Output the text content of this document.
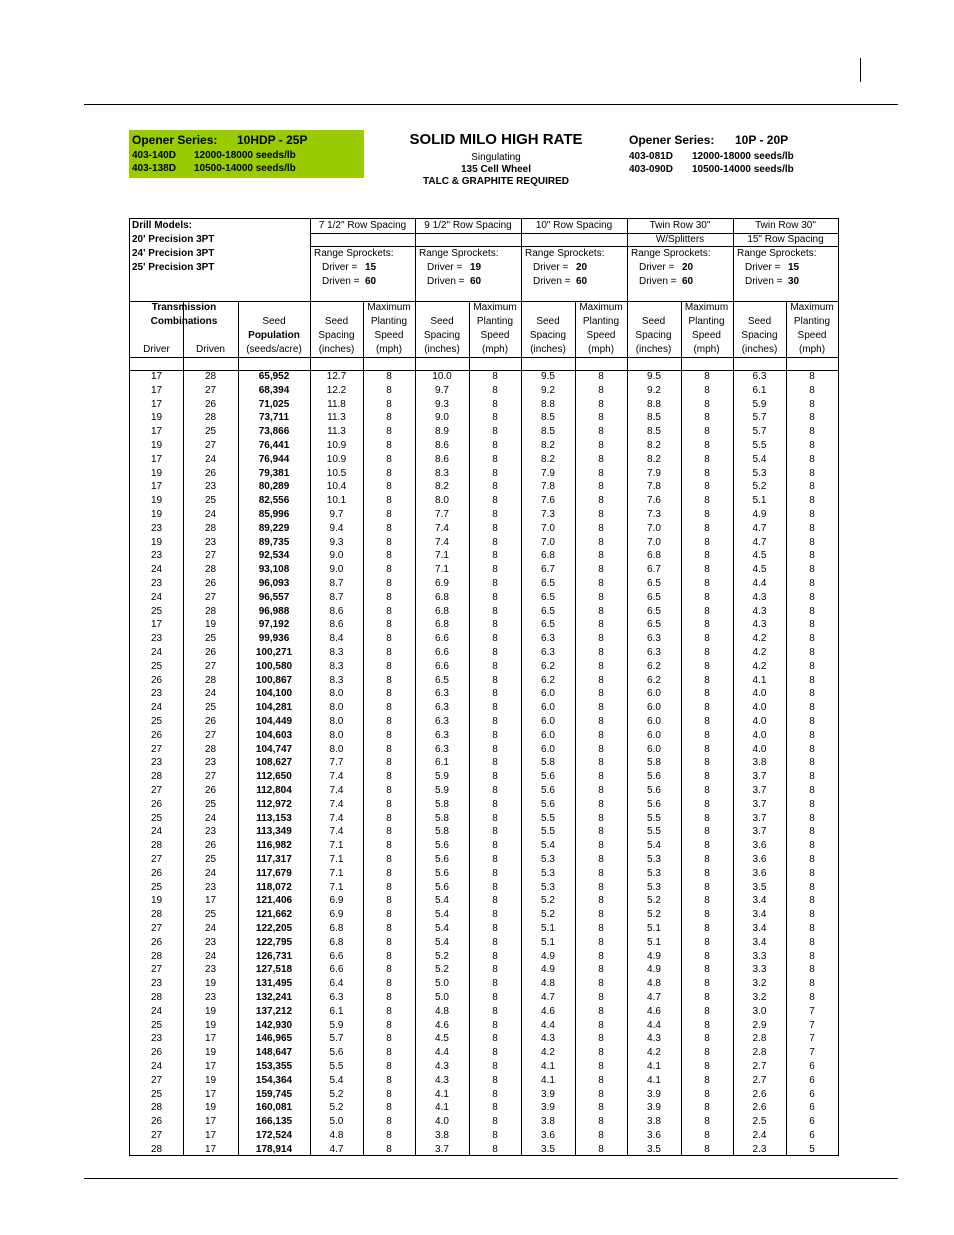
Opener Series: 10HDP - 25P
403-140D 12000-18000 seeds/lb
403-138D 10500-14000 seeds/lb
SOLID MILO HIGH RATE
Singulating
135 Cell Wheel
TALC & GRAPHITE REQUIRED
Opener Series: 10P - 20P
403-081D 12000-18000 seeds/lb
403-090D 10500-14000 seeds/lb
Drill Models:
20' Precision 3PT
24' Precision 3PT
25' Precision 3PT
7 1/2" Row Spacing
Range Sprockets:
Driver = 15
Driven = 60
9 1/2" Row Spacing
Range Sprockets:
Driver = 19
Driven = 60
10" Row Spacing
Range Sprockets:
Driver = 20
Driven = 60
Twin Row 30"
W/Splitters
Range Sprockets:
Driver = 20
Driven = 60
Twin Row 30"
15" Row Spacing
Range Sprockets:
Driver = 15
Driven = 30
Transmission
Combinations
Driver	Driven
Seed
Population
(seeds/acre)
Seed
Spacing
(inches)
Maximum
Planting
Speed
(mph)
Seed
Spacing
(inches)
Maximum
Planting
Speed
(mph)
Seed
Spacing
(inches)
Maximum
Planting
Speed
(mph)
Seed
Spacing
(inches)
Maximum
Planting
Speed
(mph)
Seed
Spacing
(inches)
Maximum
Planting
Speed
(mph)
17	28	65,952	12.7	8	10.0	8	9.5	8	9.5	8	6.3	8
17	27	68,394	12.2	8	9.7	8	9.2	8	9.2	8	6.1	8
17	26	71,025	11.8	8	9.3	8	8.8	8	8.8	8	5.9	8
19	28	73,711	11.3	8	9.0	8	8.5	8	8.5	8	5.7	8
17	25	73,866	11.3	8	8.9	8	8.5	8	8.5	8	5.7	8
19	27	76,441	10.9	8	8.6	8	8.2	8	8.2	8	5.5	8
17	24	76,944	10.9	8	8.6	8	8.2	8	8.2	8	5.4	8
19	26	79,381	10.5	8	8.3	8	7.9	8	7.9	8	5.3	8
17	23	80,289	10.4	8	8.2	8	7.8	8	7.8	8	5.2	8
19	25	82,556	10.1	8	8.0	8	7.6	8	7.6	8	5.1	8
19	24	85,996	9.7	8	7.7	8	7.3	8	7.3	8	4.9	8
23	28	89,229	9.4	8	7.4	8	7.0	8	7.0	8	4.7	8
19	23	89,735	9.3	8	7.4	8	7.0	8	7.0	8	4.7	8
23	27	92,534	9.0	8	7.1	8	6.8	8	6.8	8	4.5	8
24	28	93,108	9.0	8	7.1	8	6.7	8	6.7	8	4.5	8
23	26	96,093	8.7	8	6.9	8	6.5	8	6.5	8	4.4	8
24	27	96,557	8.7	8	6.8	8	6.5	8	6.5	8	4.3	8
25	28	96,988	8.6	8	6.8	8	6.5	8	6.5	8	4.3	8
17	19	97,192	8.6	8	6.8	8	6.5	8	6.5	8	4.3	8
23	25	99,936	8.4	8	6.6	8	6.3	8	6.3	8	4.2	8
24	26	100,271	8.3	8	6.6	8	6.3	8	6.3	8	4.2	8
25	27	100,580	8.3	8	6.6	8	6.2	8	6.2	8	4.2	8
26	28	100,867	8.3	8	6.5	8	6.2	8	6.2	8	4.1	8
23	24	104,100	8.0	8	6.3	8	6.0	8	6.0	8	4.0	8
24	25	104,281	8.0	8	6.3	8	6.0	8	6.0	8	4.0	8
25	26	104,449	8.0	8	6.3	8	6.0	8	6.0	8	4.0	8
26	27	104,603	8.0	8	6.3	8	6.0	8	6.0	8	4.0	8
27	28	104,747	8.0	8	6.3	8	6.0	8	6.0	8	4.0	8
23	23	108,627	7.7	8	6.1	8	5.8	8	5.8	8	3.8	8
28	27	112,650	7.4	8	5.9	8	5.6	8	5.6	8	3.7	8
27	26	112,804	7.4	8	5.9	8	5.6	8	5.6	8	3.7	8
26	25	112,972	7.4	8	5.8	8	5.6	8	5.6	8	3.7	8
25	24	113,153	7.4	8	5.8	8	5.5	8	5.5	8	3.7	8
24	23	113,349	7.4	8	5.8	8	5.5	8	5.5	8	3.7	8
28	26	116,982	7.1	8	5.6	8	5.4	8	5.4	8	3.6	8
27	25	117,317	7.1	8	5.6	8	5.3	8	5.3	8	3.6	8
26	24	117,679	7.1	8	5.6	8	5.3	8	5.3	8	3.6	8
25	23	118,072	7.1	8	5.6	8	5.3	8	5.3	8	3.5	8
19	17	121,406	6.9	8	5.4	8	5.2	8	5.2	8	3.4	8
28	25	121,662	6.9	8	5.4	8	5.2	8	5.2	8	3.4	8
27	24	122,205	6.8	8	5.4	8	5.1	8	5.1	8	3.4	8
26	23	122,795	6.8	8	5.4	8	5.1	8	5.1	8	3.4	8
28	24	126,731	6.6	8	5.2	8	4.9	8	4.9	8	3.3	8
27	23	127,518	6.6	8	5.2	8	4.9	8	4.9	8	3.3	8
23	19	131,495	6.4	8	5.0	8	4.8	8	4.8	8	3.2	8
28	23	132,241	6.3	8	5.0	8	4.7	8	4.7	8	3.2	8
24	19	137,212	6.1	8	4.8	8	4.6	8	4.6	8	3.0	7
25	19	142,930	5.9	8	4.6	8	4.4	8	4.4	8	2.9	7
23	17	146,965	5.7	8	4.5	8	4.3	8	4.3	8	2.8	7
26	19	148,647	5.6	8	4.4	8	4.2	8	4.2	8	2.8	7
24	17	153,355	5.5	8	4.3	8	4.1	8	4.1	8	2.7	6
27	19	154,364	5.4	8	4.3	8	4.1	8	4.1	8	2.7	6
25	17	159,745	5.2	8	4.1	8	3.9	8	3.9	8	2.6	6
28	19	160,081	5.2	8	4.1	8	3.9	8	3.9	8	2.6	6
26	17	166,135	5.0	8	4.0	8	3.8	8	3.8	8	2.5	6
27	17	172,524	4.8	8	3.8	8	3.6	8	3.6	8	2.4	6
28	17	178,914	4.7	8	3.7	8	3.5	8	3.5	8	2.3	5
